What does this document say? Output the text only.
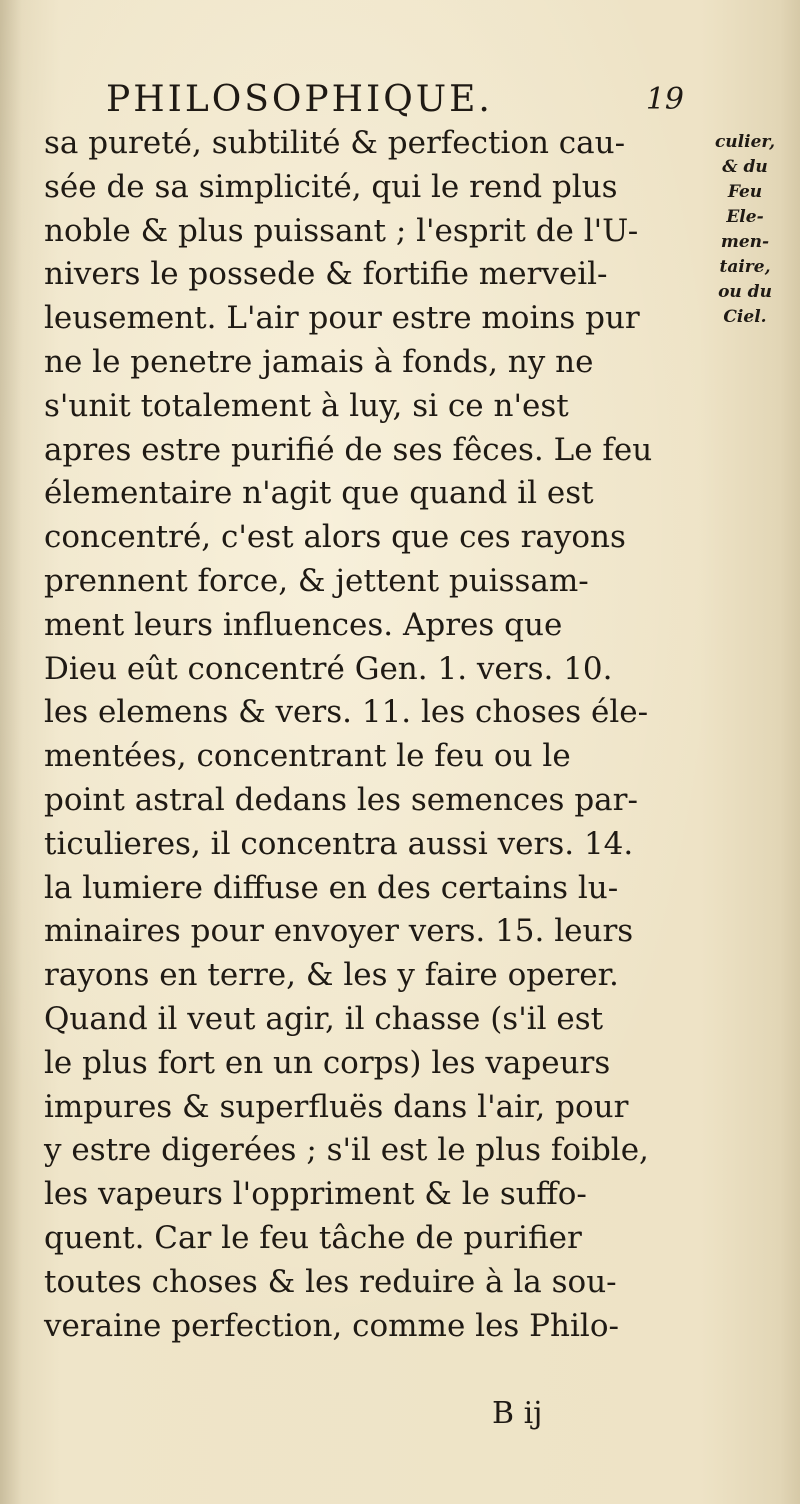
PHILOSOPHIQUE.	19
sa pureté, subtilité & perfection cau-
sée de sa simplicité, qui le rend plus
noble & plus puissant ; l'esprit de l'U-
nivers le possede & fortifie merveil-
leusement. L'air pour estre moins pur
ne le penetre jamais à fonds, ny ne
s'unit totalement à luy, si ce n'est
apres estre purifié de ses fêces. Le feu
élementaire n'agit que quand il est
concentré, c'est alors que ces rayons
prennent force, & jettent puissam-
ment leurs influences. Apres que
Dieu eût concentré Gen. 1. vers. 10.
les elemens & vers. 11. les choses éle-
mentées, concentrant le feu ou le
point astral dedans les semences par-
ticulieres, il concentra aussi vers. 14.
la lumiere diffuse en des certains lu-
minaires pour envoyer vers. 15. leurs
rayons en terre, & les y faire operer.
Quand il veut agir, il chasse (s'il est
le plus fort en un corps) les vapeurs
impures & superfluës dans l'air, pour
y estre digerées ; s'il est le plus foible,
les vapeurs l'oppriment & le suffo-
quent. Car le feu tâche de purifier
toutes choses & les reduire à la sou-
veraine perfection, comme les Philo-
culier,
& du
Feu
Ele-
men-
taire,
ou du
Ciel.
B ij
